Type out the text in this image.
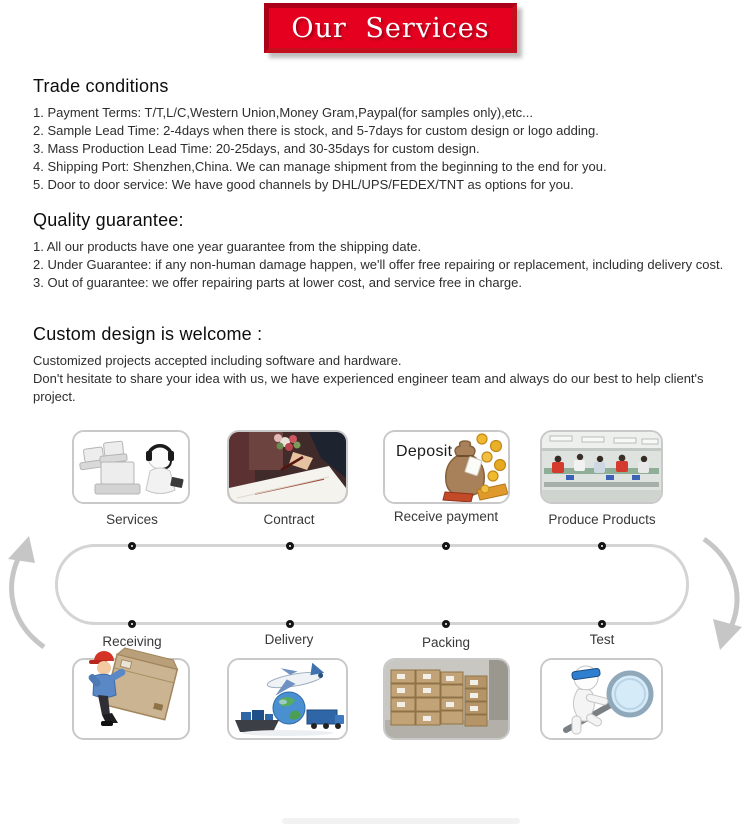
Our Services
Trade conditions
1. Payment Terms: T/T,L/C,Western Union,Money Gram,Paypal(for samples only),etc...
2. Sample Lead Time: 2-4days when there is stock, and 5-7days for custom design or logo adding.
3. Mass Production Lead Time: 20-25days, and 30-35days for custom design.
4. Shipping Port: Shenzhen,China. We can manage shipment from the beginning to the end for you.
5. Door to door service: We have good channels by DHL/UPS/FEDEX/TNT as options for you.
Quality guarantee:
1. All our products have one year guarantee from the shipping date.
2. Under Guarantee: if any non-human damage happen, we'll offer free repairing or replacement, including delivery cost.
3. Out of guarantee: we offer repairing parts at lower cost, and service free in charge.
Custom design is welcome :
Customized projects accepted including software and hardware.
Don't hesitate to share your idea with us, we have experienced engineer team and always do our best to help client's project.
Deposit
Services	Contract	Receive payment	Produce Products
Receiving	Delivery	Packing	Test
